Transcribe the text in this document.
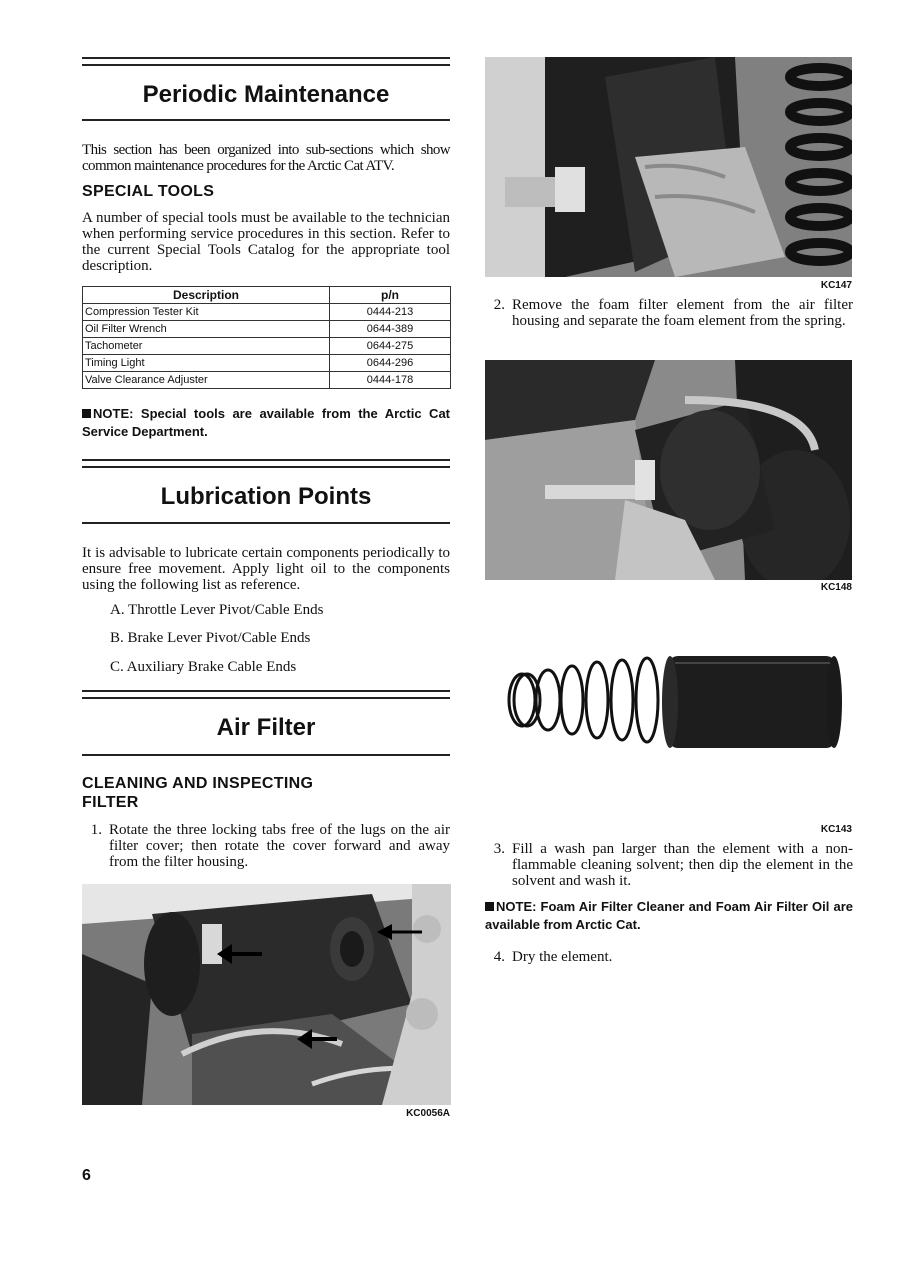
Periodic Maintenance
This section has been organized into sub-sections which show common maintenance procedures for the Arctic Cat ATV.
SPECIAL TOOLS
A number of special tools must be available to the technician when performing service procedures in this section. Refer to the current Special Tools Catalog for the appropriate tool description.
Description	p/n
Compression Tester Kit	0444-213
Oil Filter Wrench	0644-389
Tachometer	0644-275
Timing Light	0644-296
Valve Clearance Adjuster	0444-178
NOTE: Special tools are available from the Arctic Cat Service Department.
Lubrication Points
It is advisable to lubricate certain components periodically to ensure free movement. Apply light oil to the components using the following list as reference.
A. Throttle Lever Pivot/Cable Ends
B. Brake Lever Pivot/Cable Ends
C. Auxiliary Brake Cable Ends
Air Filter
CLEANING AND INSPECTING
FILTER
1. Rotate the three locking tabs free of the lugs on the air filter cover; then rotate the cover forward and away from the filter housing.
KC0056A
6
KC147
2. Remove the foam filter element from the air filter housing and separate the foam element from the spring.
KC148
KC143
3. Fill a wash pan larger than the element with a non-flammable cleaning solvent; then dip the element in the solvent and wash it.
NOTE: Foam Air Filter Cleaner and Foam Air Filter Oil are available from Arctic Cat.
4. Dry the element.
